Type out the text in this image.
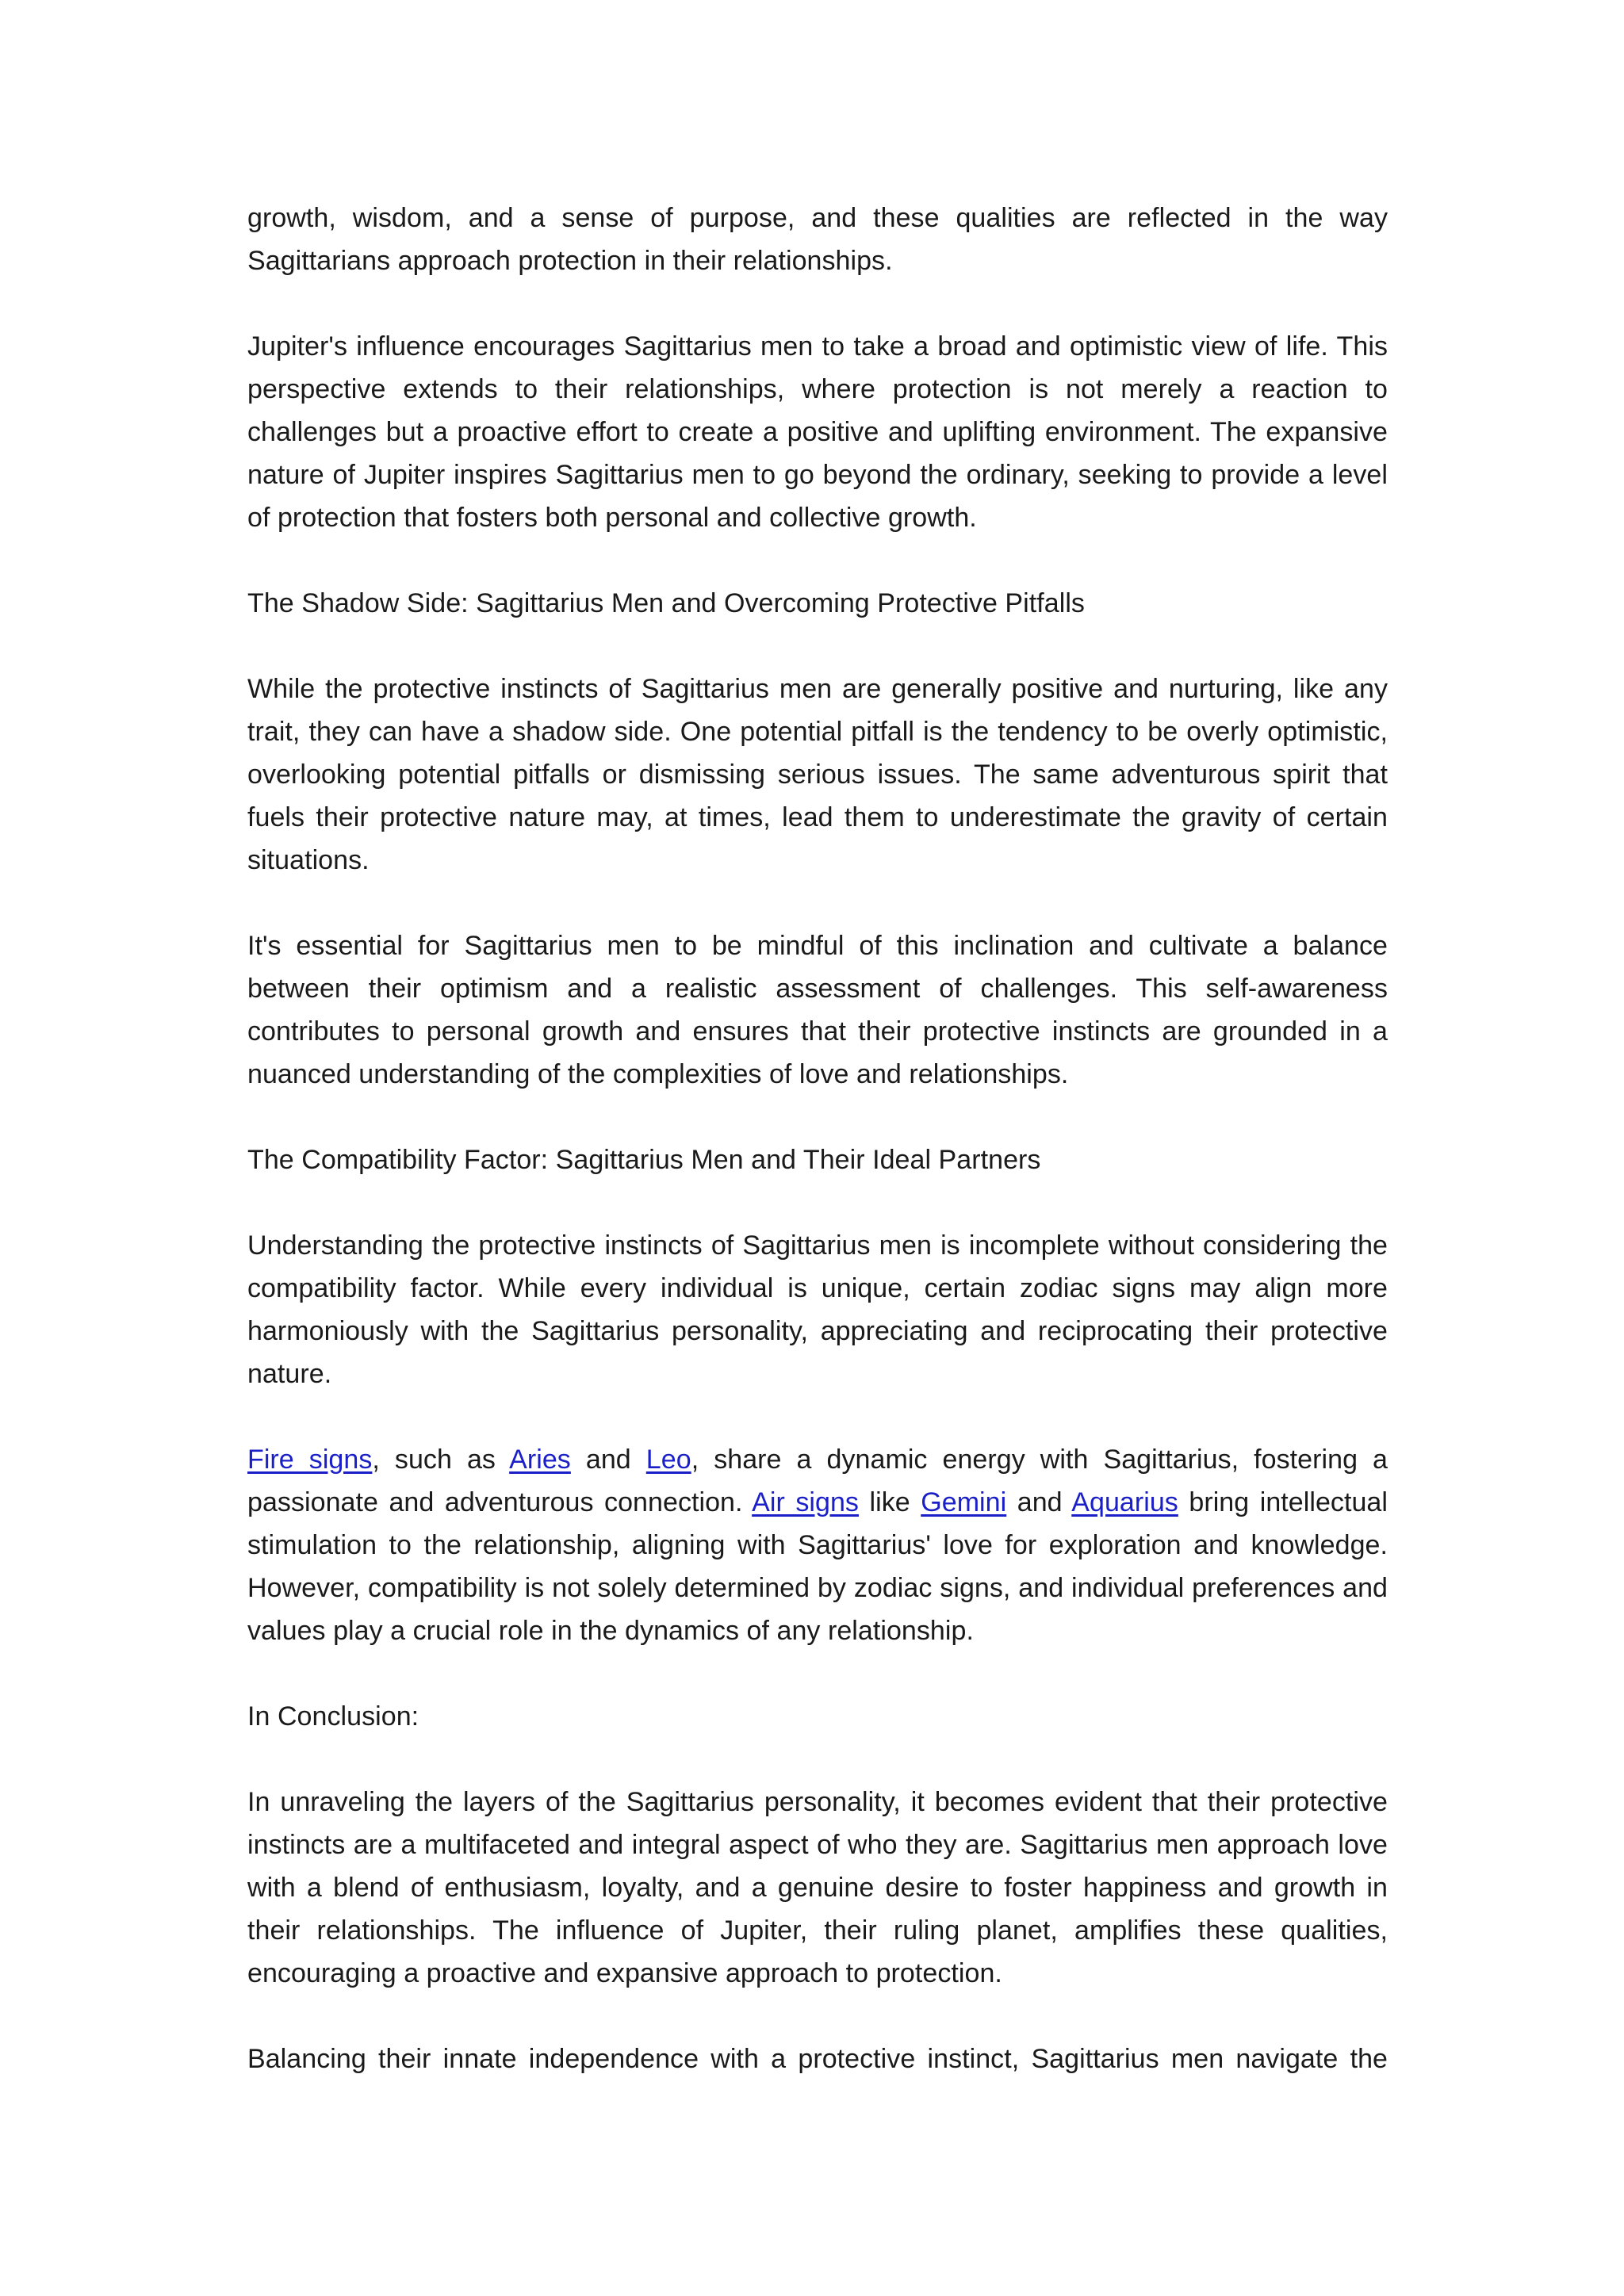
growth, wisdom, and a sense of purpose, and these qualities are reflected in the way Sagittarians approach protection in their relationships.

Jupiter's influence encourages Sagittarius men to take a broad and optimistic view of life. This perspective extends to their relationships, where protection is not merely a reaction to challenges but a proactive effort to create a positive and uplifting environment. The expansive nature of Jupiter inspires Sagittarius men to go beyond the ordinary, seeking to provide a level of protection that fosters both personal and collective growth.

The Shadow Side: Sagittarius Men and Overcoming Protective Pitfalls

While the protective instincts of Sagittarius men are generally positive and nurturing, like any trait, they can have a shadow side. One potential pitfall is the tendency to be overly optimistic, overlooking potential pitfalls or dismissing serious issues. The same adventurous spirit that fuels their protective nature may, at times, lead them to underestimate the gravity of certain situations.

It's essential for Sagittarius men to be mindful of this inclination and cultivate a balance between their optimism and a realistic assessment of challenges. This self-awareness contributes to personal growth and ensures that their protective instincts are grounded in a nuanced understanding of the complexities of love and relationships.

The Compatibility Factor: Sagittarius Men and Their Ideal Partners

Understanding the protective instincts of Sagittarius men is incomplete without considering the compatibility factor. While every individual is unique, certain zodiac signs may align more harmoniously with the Sagittarius personality, appreciating and reciprocating their protective nature.

Fire signs, such as Aries and Leo, share a dynamic energy with Sagittarius, fostering a passionate and adventurous connection. Air signs like Gemini and Aquarius bring intellectual stimulation to the relationship, aligning with Sagittarius' love for exploration and knowledge. However, compatibility is not solely determined by zodiac signs, and individual preferences and values play a crucial role in the dynamics of any relationship.

In Conclusion:

In unraveling the layers of the Sagittarius personality, it becomes evident that their protective instincts are a multifaceted and integral aspect of who they are. Sagittarius men approach love with a blend of enthusiasm, loyalty, and a genuine desire to foster happiness and growth in their relationships. The influence of Jupiter, their ruling planet, amplifies these qualities, encouraging a proactive and expansive approach to protection.

Balancing their innate independence with a protective instinct, Sagittarius men navigate the
